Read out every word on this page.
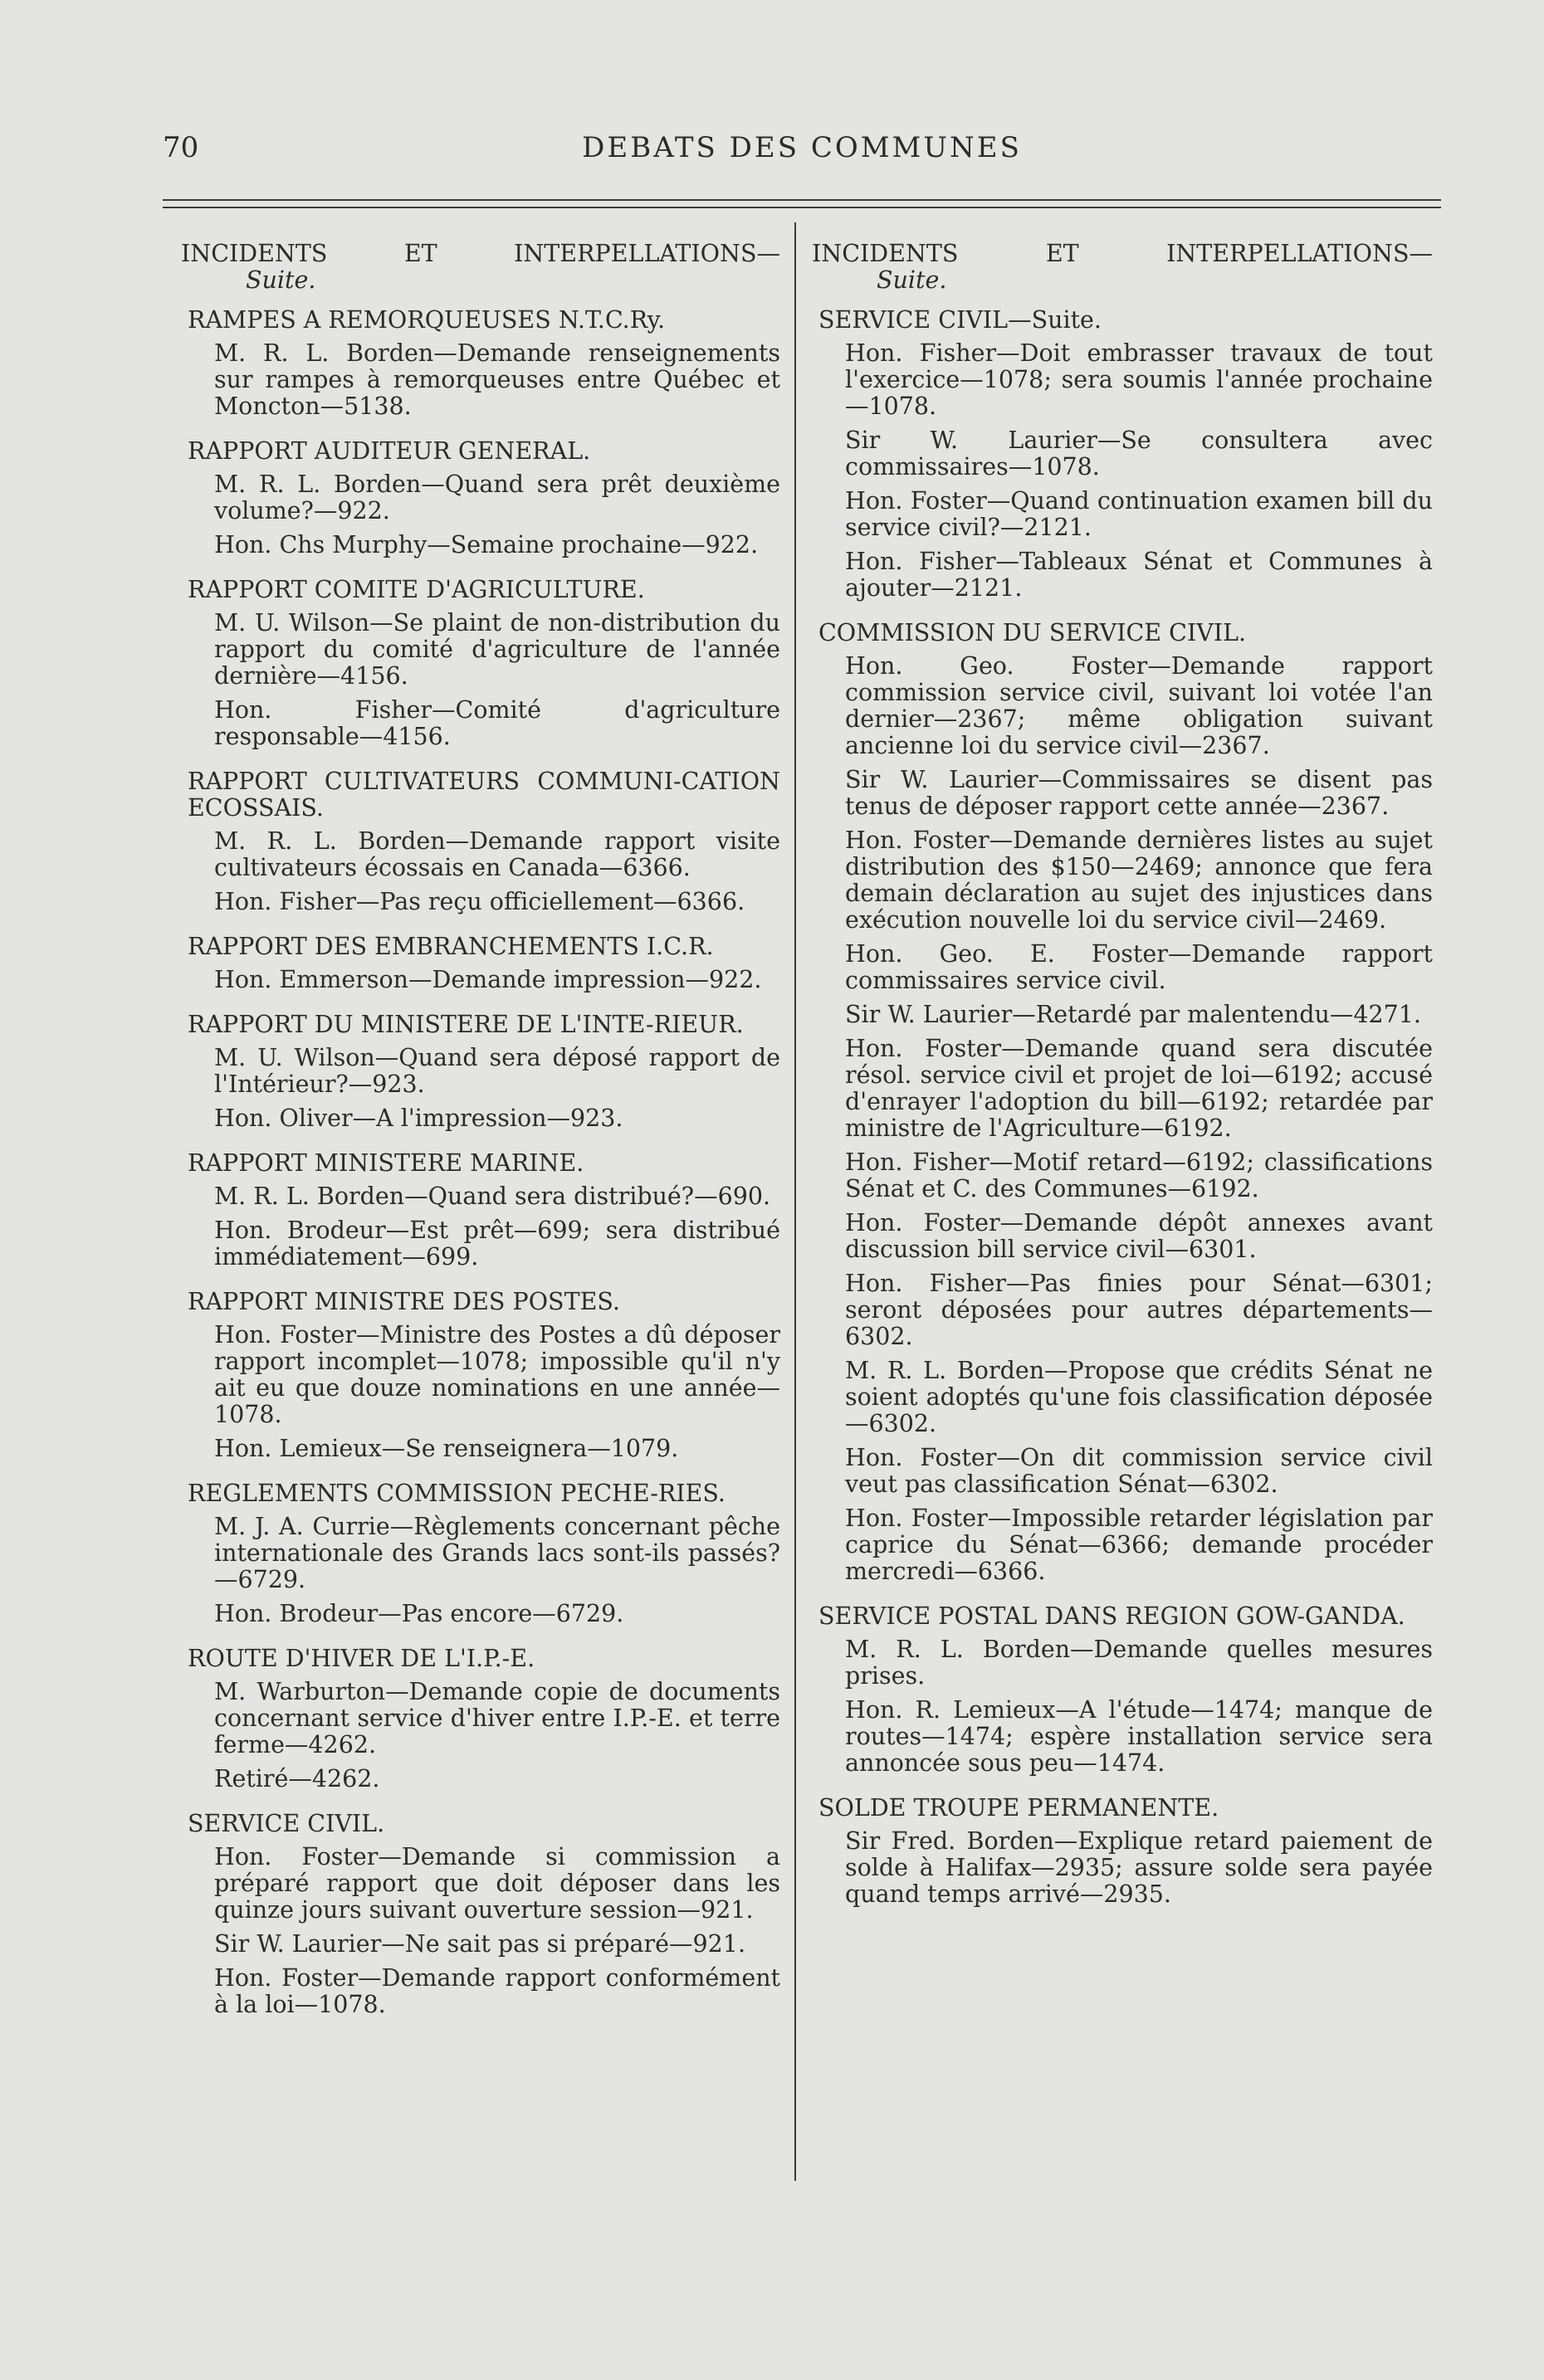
70	DEBATS DES COMMUNES

INCIDENTS ET INTERPELLATIONS—

Suite.

RAMPES A REMORQUEUSES N.T.C.Ry.

M. R. L. Borden—Demande renseignements sur rampes à remorqueuses entre Québec et Moncton—5138.

RAPPORT AUDITEUR GENERAL.

M. R. L. Borden—Quand sera prêt deuxième volume?—922.

Hon. Chs Murphy—Semaine prochaine—922.

RAPPORT COMITE D'AGRICULTURE.

M. U. Wilson—Se plaint de non-distribution du rapport du comité d'agriculture de l'année dernière—4156.

Hon. Fisher—Comité d'agriculture responsable—4156.

RAPPORT CULTIVATEURS COMMUNI-CATION ECOSSAIS.

M. R. L. Borden—Demande rapport visite cultivateurs écossais en Canada—6366.

Hon. Fisher—Pas reçu officiellement—6366.

RAPPORT DES EMBRANCHEMENTS I.C.R.

Hon. Emmerson—Demande impression—922.

RAPPORT DU MINISTERE DE L'INTE-RIEUR.

M. U. Wilson—Quand sera déposé rapport de l'Intérieur?—923.

Hon. Oliver—A l'impression—923.

RAPPORT MINISTERE MARINE.

M. R. L. Borden—Quand sera distribué?—690.

Hon. Brodeur—Est prêt—699; sera distribué immédiatement—699.

RAPPORT MINISTRE DES POSTES.

Hon. Foster—Ministre des Postes a dû déposer rapport incomplet—1078; impossible qu'il n'y ait eu que douze nominations en une année—1078.

Hon. Lemieux—Se renseignera—1079.

REGLEMENTS COMMISSION PECHE-RIES.

M. J. A. Currie—Règlements concernant pêche internationale des Grands lacs sont-ils passés?—6729.

Hon. Brodeur—Pas encore—6729.

ROUTE D'HIVER DE L'I.P.-E.

M. Warburton—Demande copie de documents concernant service d'hiver entre I.P.-E. et terre ferme—4262.

Retiré—4262.

SERVICE CIVIL.

Hon. Foster—Demande si commission a préparé rapport que doit déposer dans les quinze jours suivant ouverture session—921.

Sir W. Laurier—Ne sait pas si préparé—921.

Hon. Foster—Demande rapport conformément à la loi—1078.

INCIDENTS ET INTERPELLATIONS—

Suite.

SERVICE CIVIL—Suite.

Hon. Fisher—Doit embrasser travaux de tout l'exercice—1078; sera soumis l'année prochaine—1078.

Sir W. Laurier—Se consultera avec commissaires—1078.

Hon. Foster—Quand continuation examen bill du service civil?—2121.

Hon. Fisher—Tableaux Sénat et Communes à ajouter—2121.

COMMISSION DU SERVICE CIVIL.

Hon. Geo. Foster—Demande rapport commission service civil, suivant loi votée l'an dernier—2367; même obligation suivant ancienne loi du service civil—2367.

Sir W. Laurier—Commissaires se disent pas tenus de déposer rapport cette année—2367.

Hon. Foster—Demande dernières listes au sujet distribution des $150—2469; annonce que fera demain déclaration au sujet des injustices dans exécution nouvelle loi du service civil—2469.

Hon. Geo. E. Foster—Demande rapport commissaires service civil.

Sir W. Laurier—Retardé par malentendu—4271.

Hon. Foster—Demande quand sera discutée résol. service civil et projet de loi—6192; accusé d'enrayer l'adoption du bill—6192; retardée par ministre de l'Agriculture—6192.

Hon. Fisher—Motif retard—6192; classifications Sénat et C. des Communes—6192.

Hon. Foster—Demande dépôt annexes avant discussion bill service civil—6301.

Hon. Fisher—Pas finies pour Sénat—6301; seront déposées pour autres départements—6302.

M. R. L. Borden—Propose que crédits Sénat ne soient adoptés qu'une fois classification déposée—6302.

Hon. Foster—On dit commission service civil veut pas classification Sénat—6302.

Hon. Foster—Impossible retarder législation par caprice du Sénat—6366; demande procéder mercredi—6366.

SERVICE POSTAL DANS REGION GOW-GANDA.

M. R. L. Borden—Demande quelles mesures prises.

Hon. R. Lemieux—A l'étude—1474; manque de routes—1474; espère installation service sera annoncée sous peu—1474.

SOLDE TROUPE PERMANENTE.

Sir Fred. Borden—Explique retard paiement de solde à Halifax—2935; assure solde sera payée quand temps arrivé—2935.
